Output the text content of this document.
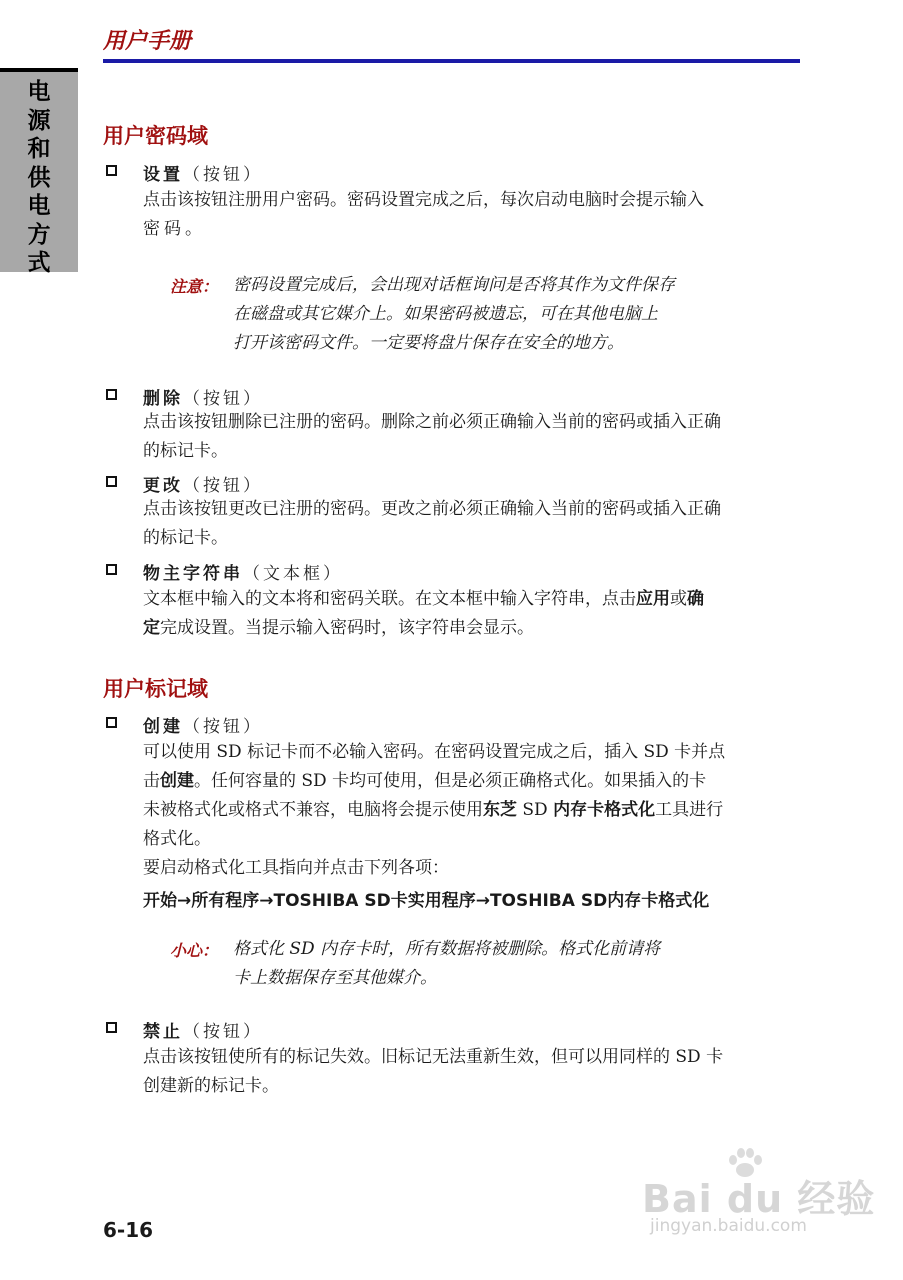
用户手册
电源和供电方式
用户密码域
设置（按钮）
点击该按钮注册用户密码。密码设置完成之后，每次启动电脑时会提示输入
密码。
注意： 密码设置完成后，会出现对话框询问是否将其作为文件保存
在磁盘或其它媒介上。如果密码被遗忘，可在其他电脑上
打开该密码文件。一定要将盘片保存在安全的地方。
删除（按钮）
点击该按钮删除已注册的密码。删除之前必须正确输入当前的密码或插入正确
的标记卡。
更改（按钮）
点击该按钮更改已注册的密码。更改之前必须正确输入当前的密码或插入正确
的标记卡。
物主字符串（文本框）
文本框中输入的文本将和密码关联。在文本框中输入字符串，点击应用或确
定完成设置。当提示输入密码时，该字符串会显示。
用户标记域
创建（按钮）
可以使用 SD 标记卡而不必输入密码。在密码设置完成之后，插入 SD 卡并点
击创建。任何容量的 SD 卡均可使用，但是必须正确格式化。如果插入的卡
未被格式化或格式不兼容，电脑将会提示使用东芝 SD 内存卡格式化工具进行
格式化。
要启动格式化工具指向并点击下列各项：
开始→所有程序→TOSHIBA SD卡实用程序→TOSHIBA SD内存卡格式化
小心： 格式化 SD 内存卡时，所有数据将被删除。格式化前请将
卡上数据保存至其他媒介。
禁止（按钮）
点击该按钮使所有的标记失效。旧标记无法重新生效，但可以用同样的 SD 卡
创建新的标记卡。
6-16
Bai du 经验
jingyan.baidu.com
